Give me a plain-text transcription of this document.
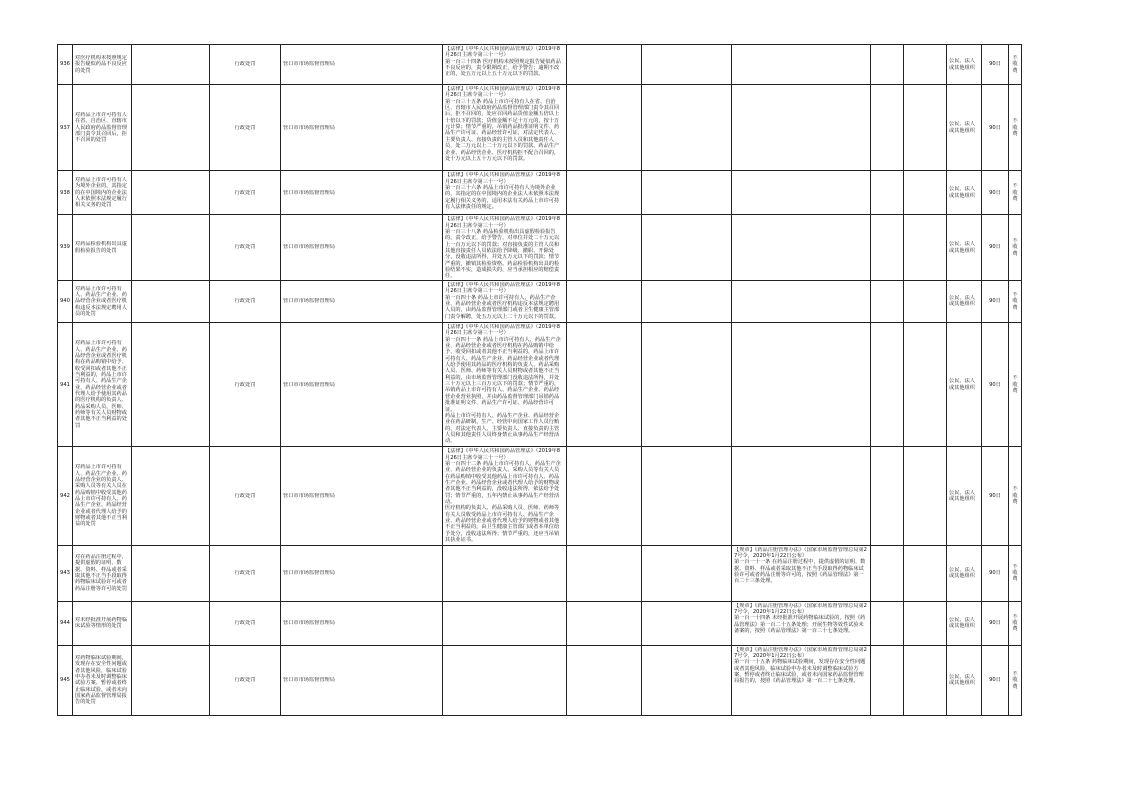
936	对医疗机构未按照规定报告疑似药品不良反应的处罚		行政处罚	营口市市场监督管理局	【法律】《中华人民共和国药品管理法》（2019年8月26日主席令第三十一号）
第一百三十四条 医疗机构未按照规定报告疑似药品不良反应的，责令限期改正，给予警告；逾期不改正的，处五万元以上五十万元以下的罚款。						公民、法人或其他组织	90日	不收费	

937	对药品上市许可持有人在省、自治区、直辖市人民政府药品监督管理部门责令其召回后，拒不召回的处罚		行政处罚	营口市市场监督管理局	【法律】《中华人民共和国药品管理法》（2019年8月26日主席令第三十一号）
第一百三十五条 药品上市许可持有人在省、自治区、直辖市人民政府药品监督管理部门责令其召回后，拒不召回的，处应召回药品货值金额五倍以上十倍以下的罚款；货值金额不足十万元的，按十万元计算；情节严重的，吊销药品批准证明文件、药品生产许可证、药品经营许可证，对法定代表人、主要负责人、直接负责的主管人员和其他责任人员，处二万元以上二十万元以下的罚款。药品生产企业、药品经营企业、医疗机构拒不配合召回的，处十万元以上五十万元以下的罚款。						公民、法人或其他组织	90日	不收费	

938	对药品上市许可持有人为境外企业的，其指定的在中国境内的企业法人未依照本法规定履行相关义务的处罚		行政处罚	营口市市场监督管理局	【法律】《中华人民共和国药品管理法》（2019年8月26日主席令第三十一号）
第一百三十六条 药品上市许可持有人为境外企业的，其指定的在中国境内的企业法人未依照本法规定履行相关义务的，适用本法有关药品上市许可持有人法律责任的规定。						公民、法人或其他组织	90日	不收费	

939	对药品检验机构出具虚假检验报告的处罚		行政处罚	营口市市场监督管理局	【法律】《中华人民共和国药品管理法》（2019年8月26日主席令第三十一号）
第一百三十八条 药品检验机构出具虚假检验报告的，责令改正，给予警告，对单位并处二十万元以上一百万元以下的罚款；对直接负责的主管人员和其他直接责任人员依法给予降级、撤职、开除处分，没收违法所得，并处五万元以下的罚款；情节严重的，撤销其检验资格。药品检验机构出具的检验结果不实，造成损失的，应当承担相应的赔偿责任。						公民、法人或其他组织	90日	不收费	

940	对药品上市许可持有人、药品生产企业、药品经营企业或者医疗机构违反本法规定聘用人员的处罚		行政处罚	营口市市场监督管理局	【法律】《中华人民共和国药品管理法》（2019年8月26日主席令第三十一号）
第一百四十条 药品上市许可持有人、药品生产企业、药品经营企业或者医疗机构违反本法规定聘用人员的，由药品监督管理部门或者卫生健康主管部门责令解聘，处五万元以上二十万元以下的罚款。						公民、法人或其他组织	90日	不收费	

941	对药品上市许可持有人、药品生产企业、药品经营企业或者医疗机构在药品购销中给予、收受回扣或者其他不正当利益的，药品上市许可持有人、药品生产企业、药品经营企业或者代理人给予使用其药品的医疗机构的负责人、药品采购人员、医师、药师等有关人员财物或者其他不正当利益的处罚		行政处罚	营口市市场监督管理局	【法律】《中华人民共和国药品管理法》（2019年8月26日主席令第三十一号）
第一百四十一条 药品上市许可持有人、药品生产企业、药品经营企业或者医疗机构在药品购销中给予、收受回扣或者其他不正当利益的，药品上市许可持有人、药品生产企业、药品经营企业或者代理人给予使用其药品的医疗机构的负责人、药品采购人员、医师、药师等有关人员财物或者其他不正当利益的，由市场监督管理部门没收违法所得，并处三十万元以上三百万元以下的罚款；情节严重的，吊销药品上市许可持有人、药品生产企业、药品经营企业营业执照，并由药品监督管理部门吊销药品批准证明文件、药品生产许可证、药品经营许可证。
药品上市许可持有人、药品生产企业、药品经营企业在药品研制、生产、经营中向国家工作人员行贿的，对法定代表人、主要负责人、直接负责的主管人员和其他责任人员终身禁止从事药品生产经营活动。						公民、法人或其他组织	90日	不收费	

942	对药品上市许可持有人、药品生产企业、药品经营企业的负责人、采购人员等有关人员在药品购销中收受其他药品上市许可持有人、药品生产企业、药品经营企业或者代理人给予的财物或者其他不正当利益的处罚		行政处罚	营口市市场监督管理局	【法律】《中华人民共和国药品管理法》（2019年8月26日主席令第三十一号）
第一百四十二条 药品上市许可持有人、药品生产企业、药品经营企业的负责人、采购人员等有关人员在药品购销中收受其他药品上市许可持有人、药品生产企业、药品经营企业或者代理人给予的财物或者其他不正当利益的，没收违法所得，依法给予处罚；情节严重的，五年内禁止从事药品生产经营活动。
医疗机构的负责人、药品采购人员、医师、药师等有关人员收受药品上市许可持有人、药品生产企业、药品经营企业或者代理人给予的财物或者其他不正当利益的，由卫生健康主管部门或者本单位给予处分，没收违法所得；情节严重的，还应当吊销其执业证书。						公民、法人或其他组织	90日	不收费	

943	对在药品注册过程中，提供虚假的证明、数据、资料、样品或者采取其他不正当手段取得药物临床试验许可或者药品注册等许可的处罚		行政处罚	营口市市场监督管理局				【规章】《药品注册管理办法》（国家市场监督管理总局第27号令，2020年1月22日公布）
第一百一十一条 在药品注册过程中，提供虚假的证明、数据、资料、样品或者采取其他不正当手段取得药物临床试验许可或者药品注册等许可的，按照《药品管理法》第一百二十三条处理。			公民、法人或其他组织	90日	不收费	

944	对未经批准开展药物临床试验等情形的处罚		行政处罚	营口市市场监督管理局				【规章】《药品注册管理办法》（国家市场监督管理总局第27号令，2020年1月22日公布）
第一百一十四条 未经批准开展药物临床试验的，按照《药品管理法》第一百二十五条处理；开展生物等效性试验未备案的，按照《药品管理法》第一百二十七条处理。			公民、法人或其他组织	90日	不收费	

945	对药物临床试验期间，发现存在安全性问题或者其他风险，临床试验申办者未及时调整临床试验方案、暂停或者终止临床试验，或者未向国家药品监督管理局报告的处罚		行政处罚	营口市市场监督管理局				【规章】《药品注册管理办法》（国家市场监督管理总局第27号令，2020年1月22日公布）
第一百一十五条 药物临床试验期间，发现存在安全性问题或者其他风险，临床试验申办者未及时调整临床试验方案、暂停或者终止临床试验，或者未向国家药品监督管理局报告的，按照《药品管理法》第一百二十七条处理。			公民、法人或其他组织	90日	不收费	
